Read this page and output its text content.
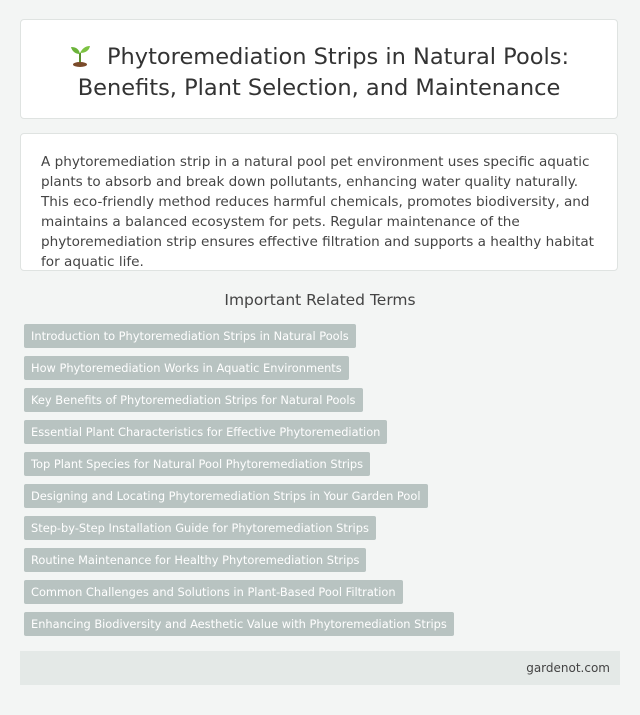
Phytoremediation Strips in Natural Pools:
Benefits, Plant Selection, and Maintenance

A phytoremediation strip in a natural pool pet environment uses specific aquatic plants to absorb and break down pollutants, enhancing water quality naturally. This eco-friendly method reduces harmful chemicals, promotes biodiversity, and maintains a balanced ecosystem for pets. Regular maintenance of the phytoremediation strip ensures effective filtration and supports a healthy habitat for aquatic life.

Important Related Terms
Introduction to Phytoremediation Strips in Natural Pools
How Phytoremediation Works in Aquatic Environments
Key Benefits of Phytoremediation Strips for Natural Pools
Essential Plant Characteristics for Effective Phytoremediation
Top Plant Species for Natural Pool Phytoremediation Strips
Designing and Locating Phytoremediation Strips in Your Garden Pool
Step-by-Step Installation Guide for Phytoremediation Strips
Routine Maintenance for Healthy Phytoremediation Strips
Common Challenges and Solutions in Plant-Based Pool Filtration
Enhancing Biodiversity and Aesthetic Value with Phytoremediation Strips
gardenot.com
